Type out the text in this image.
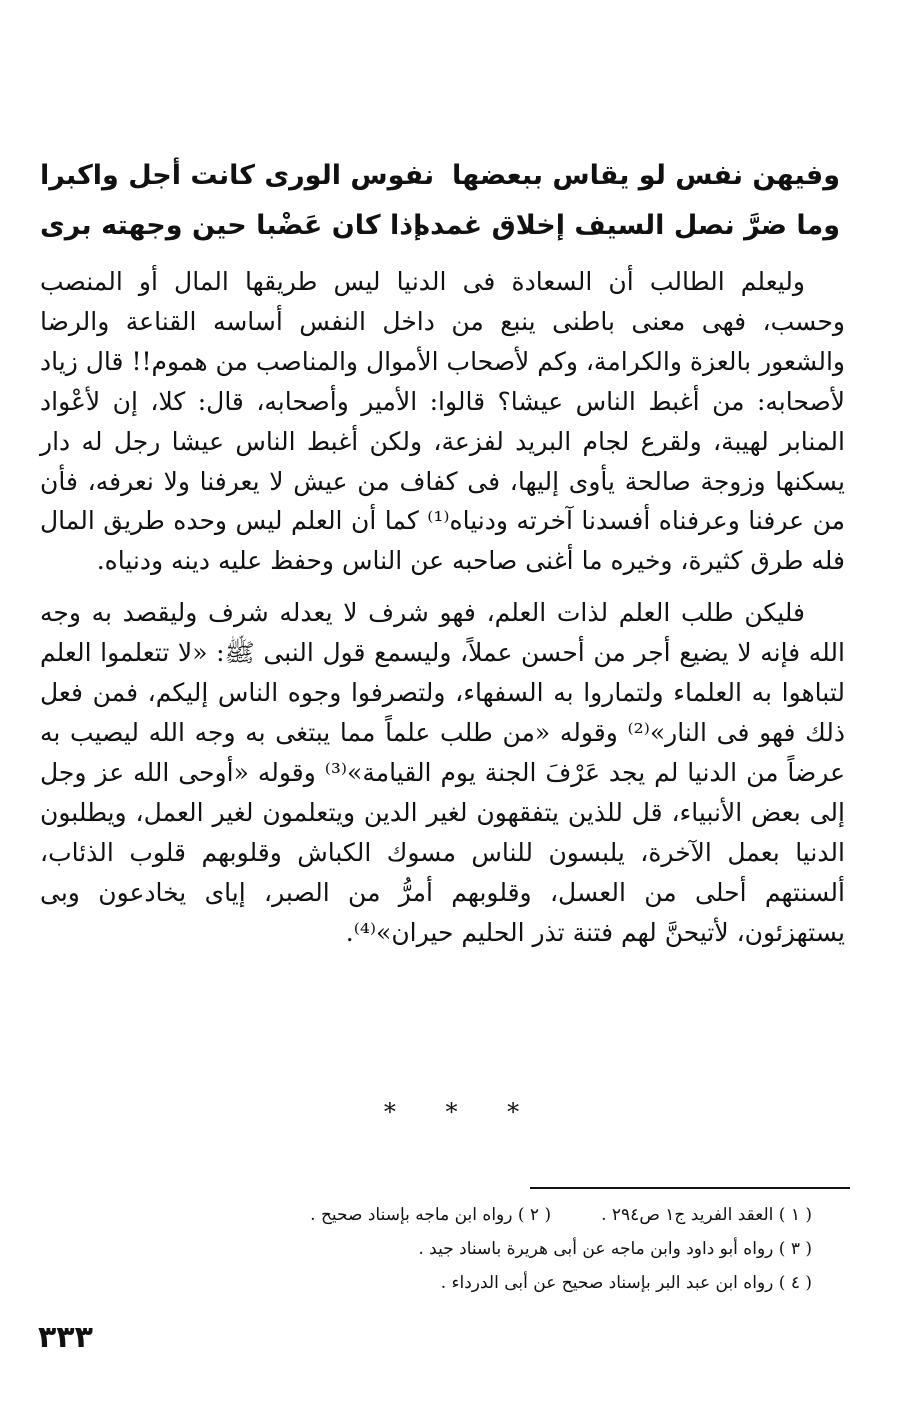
وفيهن نفس لو يقاس ببعضها
نفوس الورى كانت أجل واكبرا
وما ضرَّ نصل السيف إخلاق غمده
إذا كان عَضْبا حين وجهته برى

وليعلم الطالب أن السعادة فى الدنيا ليس طريقها المال أو المنصب وحسب، فهى معنى باطنى ينبع من داخل النفس أساسه القناعة والرضا والشعور بالعزة والكرامة، وكم لأصحاب الأموال والمناصب من هموم!! قال زياد لأصحابه: من أغبط الناس عيشا؟ قالوا: الأمير وأصحابه، قال: كلا، إن لأعْواد المنابر لهيبة، ولقرع لجام البريد لفزعة، ولكن أغبط الناس عيشا رجل له دار يسكنها وزوجة صالحة يأوى إليها، فى كفاف من عيش لا يعرفنا ولا نعرفه، فأن من عرفنا وعرفناه أفسدنا آخرته ودنياه⁽¹⁾ كما أن العلم ليس وحده طريق المال فله طرق كثيرة، وخيره ما أغنى صاحبه عن الناس وحفظ عليه دينه ودنياه.

فليكن طلب العلم لذات العلم، فهو شرف لا يعدله شرف وليقصد به وجه الله فإنه لا يضيع أجر من أحسن عملاً، وليسمع قول النبى ﷺ: «لا تتعلموا العلم لتباهوا به العلماء ولتماروا به السفهاء، ولتصرفوا وجوه الناس إليكم، فمن فعل ذلك فهو فى النار»⁽²⁾ وقوله «من طلب علماً مما يبتغى به وجه الله ليصيب به عرضاً من الدنيا لم يجد عَرْفَ الجنة يوم القيامة»⁽³⁾ وقوله «أوحى الله عز وجل إلى بعض الأنبياء، قل للذين يتفقهون لغير الدين ويتعلمون لغير العمل، ويطلبون الدنيا بعمل الآخرة، يلبسون للناس مسوك الكباش وقلوبهم قلوب الذئاب، ألسنتهم أحلى من العسل، وقلوبهم أمرُّ من الصبر، إياى يخادعون وبى يستهزئون، لأتيحنَّ لهم فتنة تذر الحليم حيران»⁽⁴⁾.

* * *
( ١ ) العقد الفريد ج١ ص٢٩٤ .( ٢ ) رواه ابن ماجه بإسناد صحيح .
( ٣ ) رواه أبو داود وابن ماجه عن أبى هريرة باسناد جيد .
( ٤ ) رواه ابن عبد البر بإسناد صحيح عن أبى الدرداء .
٣٣٣
